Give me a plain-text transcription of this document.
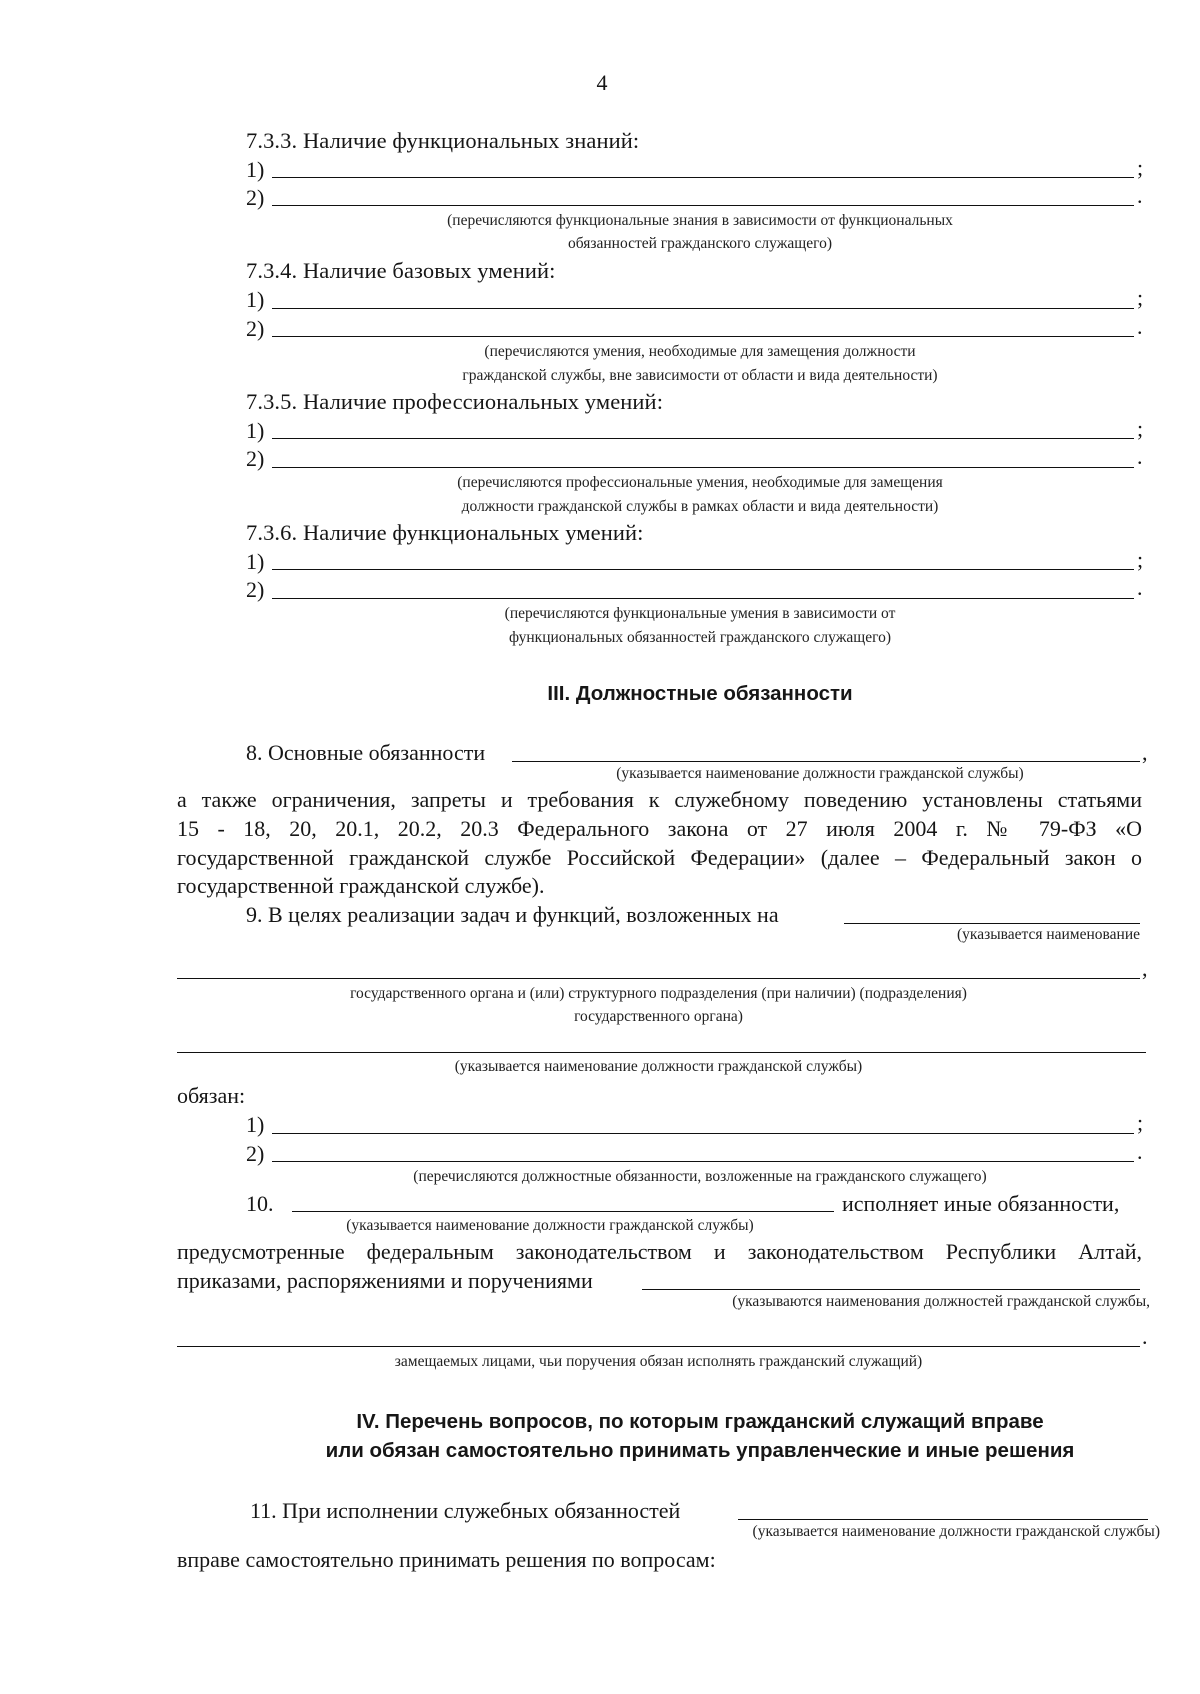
4
7.3.3. Наличие функциональных знаний:
1)	;
2)	.
(перечисляются функциональные знания в зависимости от функциональных
обязанностей гражданского служащего)
7.3.4. Наличие базовых умений:
1)	;
2)	.
(перечисляются умения, необходимые для замещения должности
гражданской службы, вне зависимости от области и вида деятельности)
7.3.5. Наличие профессиональных умений:
1)	;
2)	.
(перечисляются профессиональные умения, необходимые для замещения
должности гражданской службы в рамках области и вида деятельности)
7.3.6. Наличие функциональных умений:
1)	;
2)	.
(перечисляются функциональные умения в зависимости от
функциональных обязанностей гражданского служащего)
III. Должностные обязанности
8. Основные обязанности	,
(указывается наименование должности гражданской службы)
а также ограничения, запреты и требования к служебному поведению установлены статьями
15 - 18, 20, 20.1, 20.2, 20.3 Федерального закона от 27 июля 2004 г. № 79-ФЗ «О
государственной гражданской службе Российской Федерации» (далее – Федеральный закон о
государственной гражданской службе).
9. В целях реализации задач и функций, возложенных на
(указывается наименование
,
государственного органа и (или) структурного подразделения (при наличии) (подразделения)
государственного органа)
(указывается наименование должности гражданской службы)
обязан:
1)	;
2)	.
(перечисляются должностные обязанности, возложенные на гражданского служащего)
10.	исполняет иные обязанности,
(указывается наименование должности гражданской службы)
предусмотренные федеральным законодательством и законодательством Республики Алтай,
приказами, распоряжениями и поручениями
(указываются наименования должностей гражданской службы,
.
замещаемых лицами, чьи поручения обязан исполнять гражданский служащий)
IV. Перечень вопросов, по которым гражданский служащий вправе
или обязан самостоятельно принимать управленческие и иные решения
11. При исполнении служебных обязанностей
(указывается наименование должности гражданской службы)
вправе самостоятельно принимать решения по вопросам:
